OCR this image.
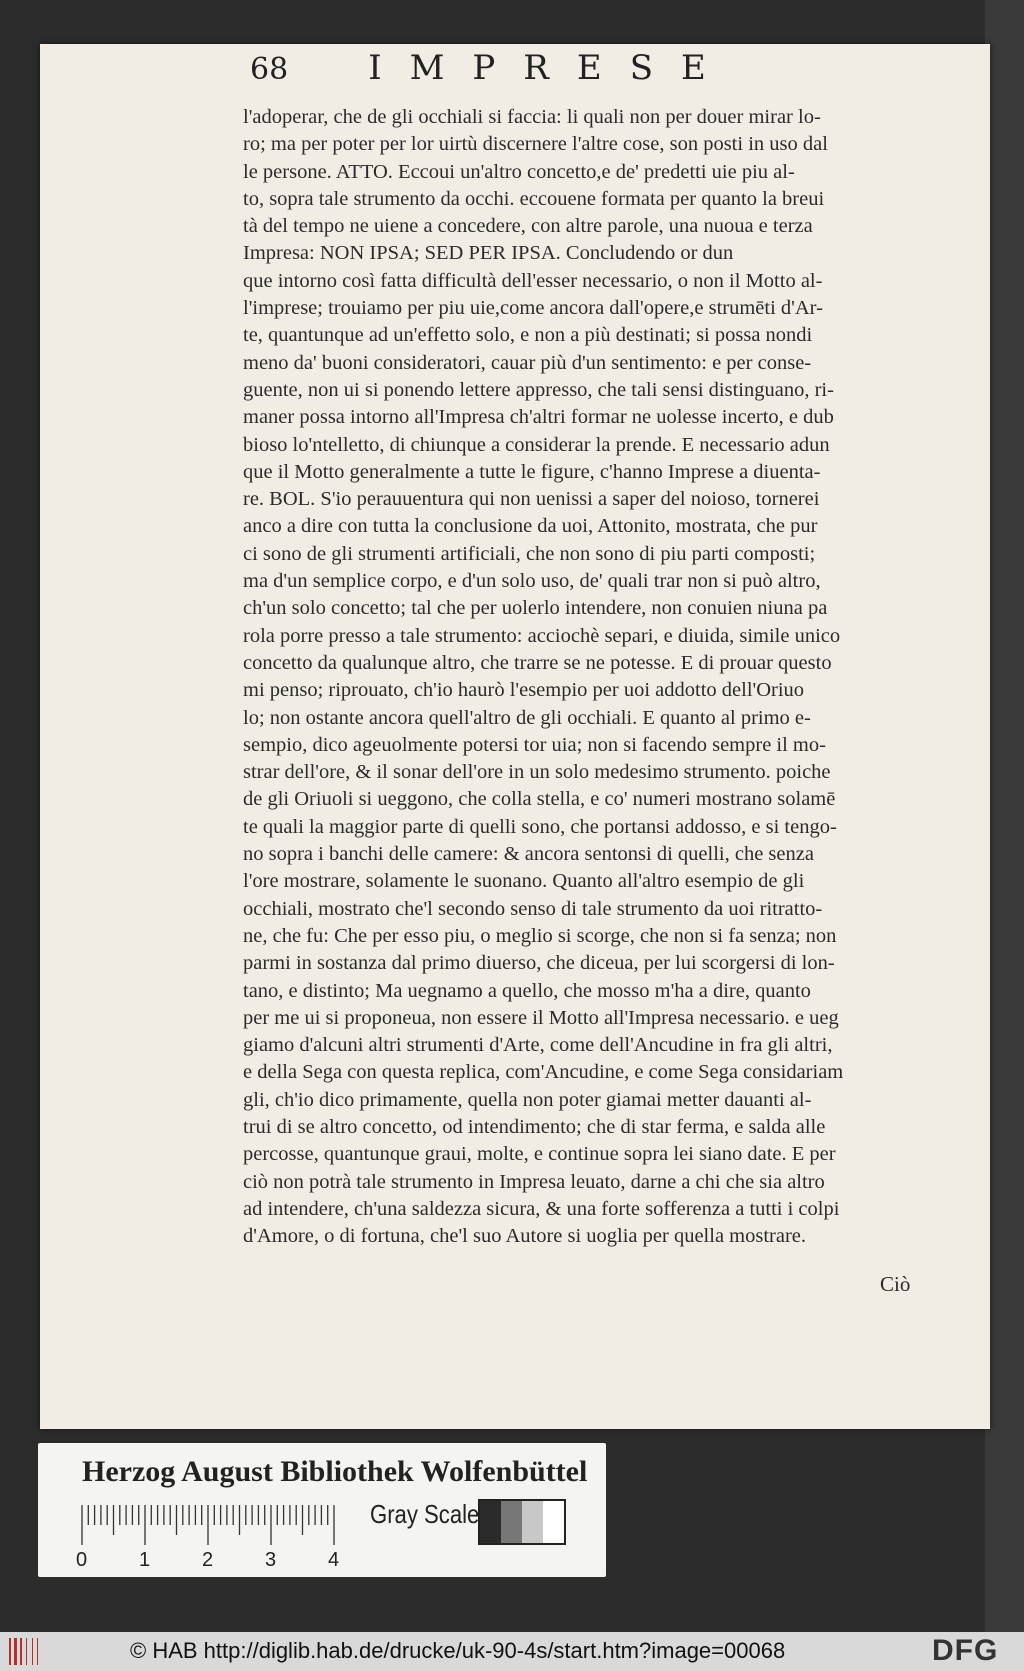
68 IMPRESE
l'adoperar, che de gli occhiali si faccia: li quali non per douer mirar lo-
ro; ma per poter per lor uirtù discernere l'altre cose, son posti in uso dal
le persone. ATTO. Eccoui un'altro concetto,e de' predetti uie piu al-
to, sopra tale strumento da occhi. eccouene formata per quanto la breui
tà del tempo ne uiene a concedere, con altre parole, una nuoua e terza
Impresa: NON IPSA; SED PER IPSA. Concludendo or dun
que intorno così fatta difficultà dell'esser necessario, o non il Motto al-
l'imprese; trouiamo per piu uie,come ancora dall'opere,e strumēti d'Ar-
te, quantunque ad un'effetto solo, e non a più destinati; si possa nondi
meno da' buoni consideratori, cauar più d'un sentimento: e per conse-
guente, non ui si ponendo lettere appresso, che tali sensi distinguano, ri-
maner possa intorno all'Impresa ch'altri formar ne uolesse incerto, e dub
bioso lo'ntelletto, di chiunque a considerar la prende. E necessario adun
que il Motto generalmente a tutte le figure, c'hanno Imprese a diuenta-
re. BOL. S'io perauuentura qui non uenissi a saper del noioso, tornerei
anco a dire con tutta la conclusione da uoi, Attonito, mostrata, che pur
ci sono de gli strumenti artificiali, che non sono di piu parti composti;
ma d'un semplice corpo, e d'un solo uso, de' quali trar non si può altro,
ch'un solo concetto; tal che per uolerlo intendere, non conuien niuna pa
rola porre presso a tale strumento: acciochè separi, e diuida, simile unico
concetto da qualunque altro, che trarre se ne potesse. E di prouar questo
mi penso; riprouato, ch'io haurò l'esempio per uoi addotto dell'Oriuo
lo; non ostante ancora quell'altro de gli occhiali. E quanto al primo e-
sempio, dico ageuolmente potersi tor uia; non si facendo sempre il mo-
strar dell'ore, & il sonar dell'ore in un solo medesimo strumento. poiche
de gli Oriuoli si ueggono, che colla stella, e co' numeri mostrano solamē
te quali la maggior parte di quelli sono, che portansi addosso, e si tengo-
no sopra i banchi delle camere: & ancora sentonsi di quelli, che senza
l'ore mostrare, solamente le suonano. Quanto all'altro esempio de gli
occhiali, mostrato che'l secondo senso di tale strumento da uoi ritratto-
ne, che fu: Che per esso piu, o meglio si scorge, che non si fa senza; non
parmi in sostanza dal primo diuerso, che diceua, per lui scorgersi di lon-
tano, e distinto; Ma uegnamo a quello, che mosso m'ha a dire, quanto
per me ui si proponeua, non essere il Motto all'Impresa necessario. e ueg
giamo d'alcuni altri strumenti d'Arte, come dell'Ancudine in fra gli altri,
e della Sega con questa replica, com'Ancudine, e come Sega considariam
gli, ch'io dico primamente, quella non poter giamai metter dauanti al-
trui di se altro concetto, od intendimento; che di star ferma, e salda alle
percosse, quantunque graui, molte, e continue sopra lei siano date. E per
ciò non potrà tale strumento in Impresa leuato, darne a chi che sia altro
ad intendere, ch'una saldezza sicura, & una forte sofferenza a tutti i colpi
d'Amore, o di fortuna, che'l suo Autore si uoglia per quella mostrare.
Ciò
Herzog August Bibliothek Wolfenbüttel
0	1	2	3	4
Gray Scale
© HAB http://diglib.hab.de/drucke/uk-90-4s/start.htm?image=00068	DFG
